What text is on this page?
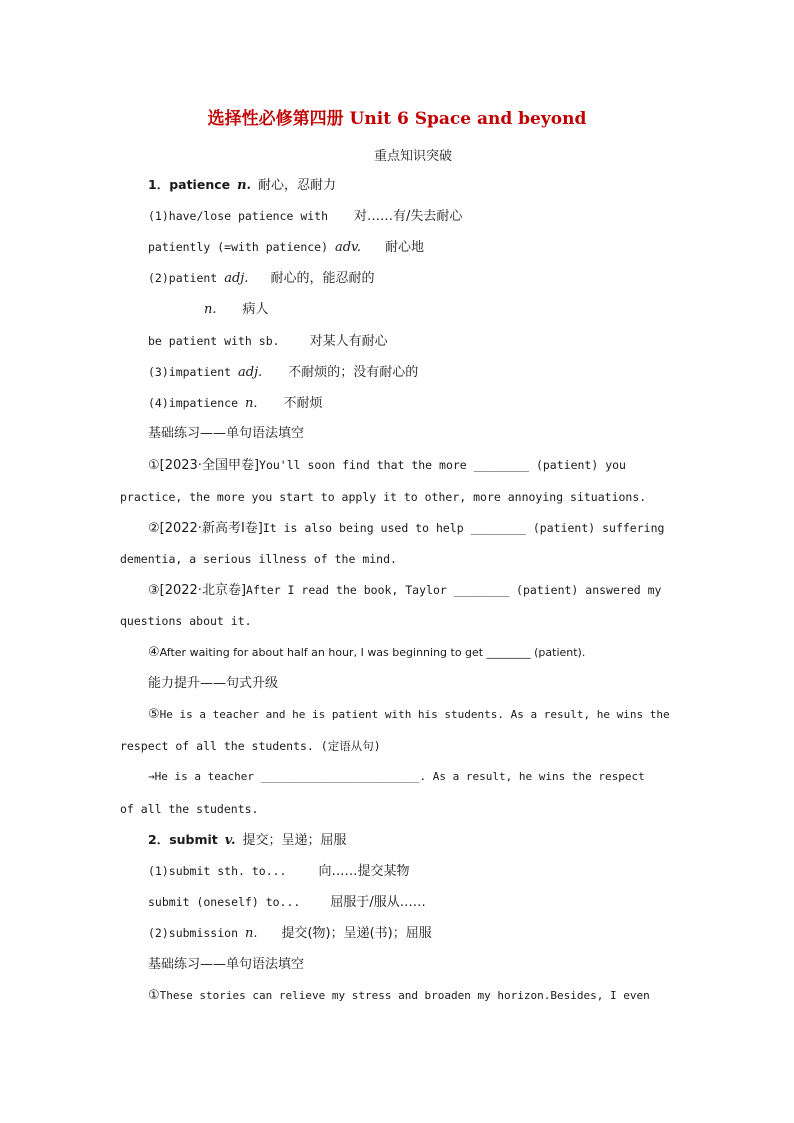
选择性必修第四册 Unit 6 Space and beyond
重点知识突破
1．patience n. 耐心，忍耐力
(1)have/lose patience with 对……有/失去耐心
patiently (=with patience) adv. 耐心地
(2)patient adj. 耐心的，能忍耐的
n. 病人
be patient with sb. 对某人有耐心
(3)impatient adj. 不耐烦的；没有耐心的
(4)impatience n. 不耐烦
基础练习——单句语法填空
①[2023·全国甲卷]You'll soon find that the more ________ (patient) you
practice, the more you start to apply it to other, more annoying situations.
②[2022·新高考Ⅰ卷]It is also being used to help ________ (patient) suffering
dementia, a serious illness of the mind.
③[2022·北京卷]After I read the book, Taylor ________ (patient) answered my
questions about it.
④After waiting for about half an hour, I was beginning to get ________ (patient).
能力提升——句式升级
⑤He is a teacher and he is patient with his students. As a result, he wins the
respect of all the students. (定语从句)
→He is a teacher ________________________. As a result, he wins the respect
of all the students.
2．submit v. 提交；呈递；屈服
(1)submit sth. to... 向……提交某物
submit (oneself) to... 屈服于/服从……
(2)submission n. 提交(物)；呈递(书)；屈服
基础练习——单句语法填空
①These stories can relieve my stress and broaden my horizon.Besides, I even
